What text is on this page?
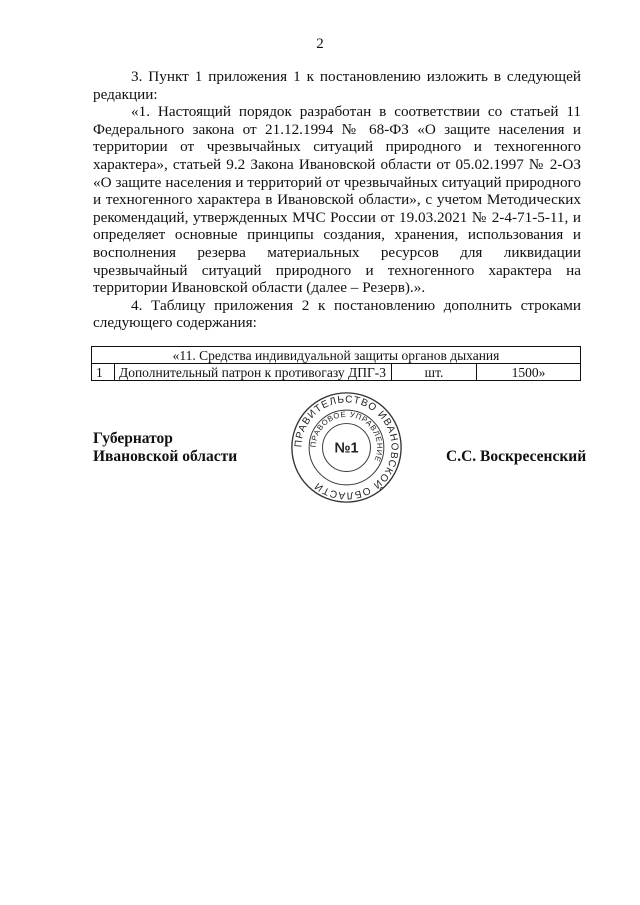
2

3. Пункт 1 приложения 1 к постановлению изложить в следующей редакции:

«1. Настоящий порядок разработан в соответствии со статьей 11 Федерального закона от 21.12.1994 № 68-ФЗ «О защите населения и территории от чрезвычайных ситуаций природного и техногенного характера», статьей 9.2 Закона Ивановской области от 05.02.1997 № 2-ОЗ «О защите населения и территорий от чрезвычайных ситуаций природного и техногенного характера в Ивановской области», с учетом Методических рекомендаций, утвержденных МЧС России от 19.03.2021 № 2-4-71-5-11, и определяет основные принципы создания, хранения, использования и восполнения резерва материальных ресурсов для ликвидации чрезвычайный ситуаций природного и техногенного характера на территории Ивановской области (далее – Резерв).».

4. Таблицу приложения 2 к постановлению дополнить строками следующего содержания:

«11. Средства индивидуальной защиты органов дыхания
1	Дополнительный патрон к противогазу ДПГ-3	шт.	1500»
Губернатор
Ивановской области	С.С. Воскресенский
ПРАВИТЕЛЬСТВО ИВАНОВСКОЙ ОБЛАСТИ
ПРАВОВОЕ УПРАВЛЕНИЕ
№1
